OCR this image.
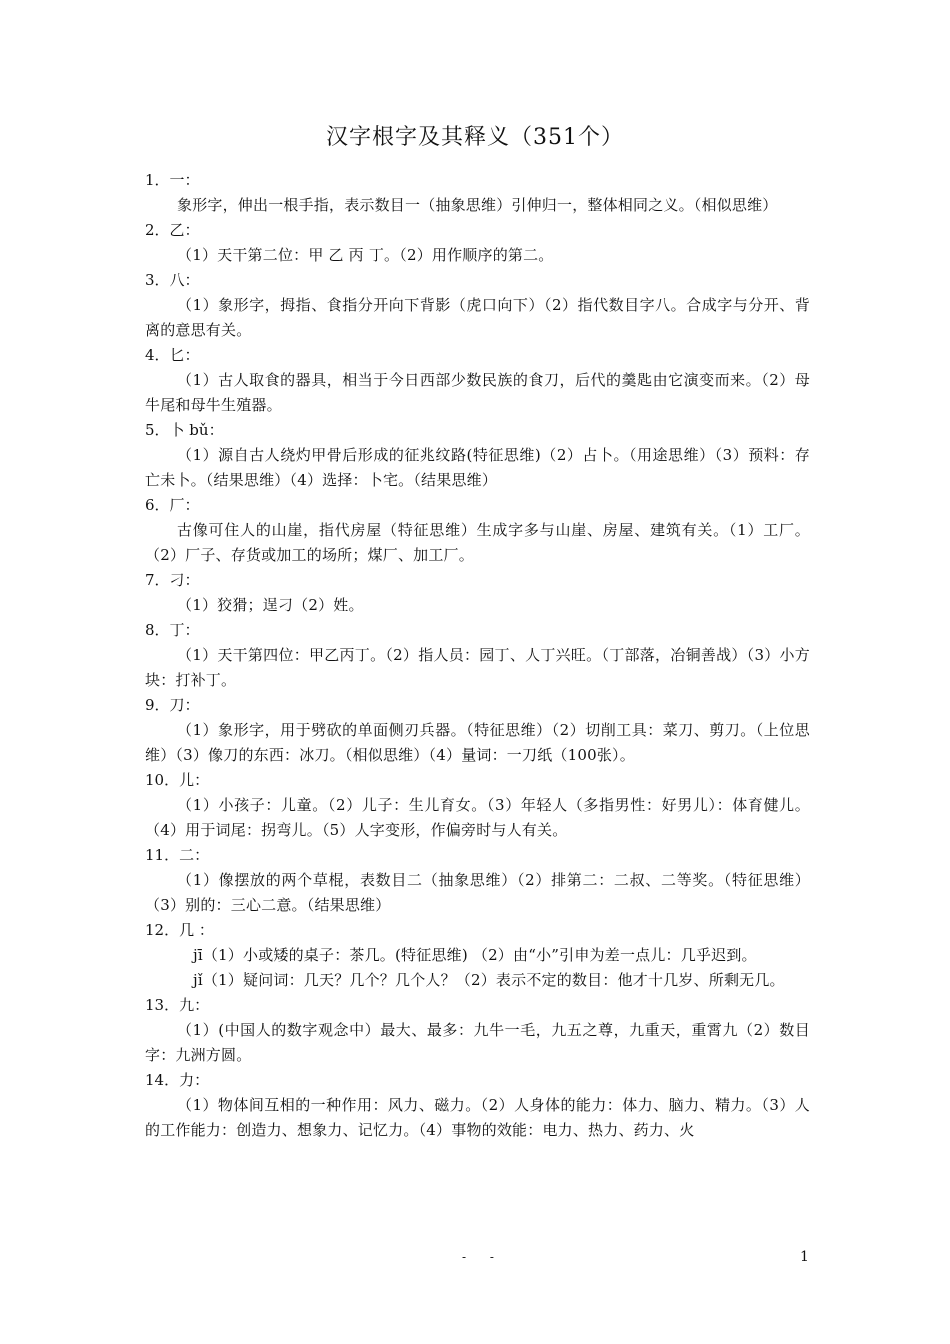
汉字根字及其释义（351个）
1．一：

象形字，伸出一根手指，表示数目一（抽象思维）引伸归一，整体相同之义。（相似思维）

2．乙：

（1）天干第二位：甲 乙 丙 丁。（2）用作顺序的第二。

3．八：

（1）象形字，拇指、食指分开向下背影（虎口向下）（2）指代数目字八。合成字与分开、背离的意思有关。

4．匕：

（1）古人取食的器具，相当于今日西部少数民族的食刀，后代的羹匙由它演变而来。（2）母牛尾和母牛生殖器。

5．卜 bǔ：

（1）源自古人绕灼甲骨后形成的征兆纹路(特征思维)（2）占卜。（用途思维）（3）预料：存亡未卜。（结果思维）（4）选择：卜宅。（结果思维）

6．厂：

古像可住人的山崖，指代房屋（特征思维）生成字多与山崖、房屋、建筑有关。（1）工厂。（2）厂子、存货或加工的场所；煤厂、加工厂。

7．刁：

（1）狡猾；逞刁（2）姓。

8．丁：

（1）天干第四位：甲乙丙丁。（2）指人员：园丁、人丁兴旺。（丁部落，冶铜善战）（3）小方块：打补丁。

9．刀：

（1）象形字，用于劈砍的单面侧刃兵器。（特征思维）（2）切削工具：菜刀、剪刀。（上位思维）（3）像刀的东西：冰刀。（相似思维）（4）量词：一刀纸（100张）。

10．儿：

（1）小孩子：儿童。（2）儿子：生儿育女。（3）年轻人（多指男性：好男儿）：体育健儿。（4）用于词尾：拐弯儿。（5）人字变形，作偏旁时与人有关。

11．二：

（1）像摆放的两个草棍，表数目二（抽象思维）（2）排第二：二叔、二等奖。（特征思维）（3）别的：三心二意。（结果思维）

12．几 ：

jī（1）小或矮的桌子：茶几。(特征思维) （2）由“小”引申为差一点儿：几乎迟到。

jǐ（1）疑问词：几天？几个？几个人？（2）表示不定的数目：他才十几岁、所剩无几。

13．九：

（1）(中国人的数字观念中）最大、最多：九牛一毛，九五之尊，九重天，重霄九（2）数目字：九洲方圆。

14．力：

（1）物体间互相的一种作用：风力、磁力。（2）人身体的能力：体力、脑力、精力。（3）人的工作能力：创造力、想象力、记忆力。（4）事物的效能：电力、热力、药力、火

- -	1
